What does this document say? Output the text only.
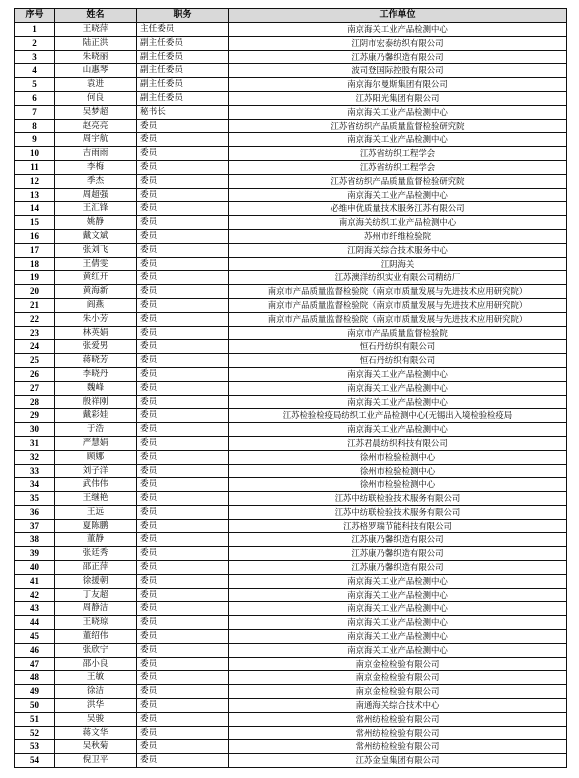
序号	姓名	职务	工作单位
1	王晓萍	主任委员	南京海关工业产品检测中心
2	陆正洪	副主任委员	江阴市宏泰纺织有限公司
3	朱晓丽	副主任委员	江苏康乃馨织造有限公司
4	山惠琴	副主任委员	波司登国际控股有限公司
5	袁进	副主任委员	南京海尔曼斯集团有限公司
6	何良	副主任委员	江苏阳光集团有限公司
7	吴梦超	秘书长	南京海关工业产品检测中心
8	赵亮亮	委员	江苏省纺织产品质量监督检验研究院
9	周宇航	委员	南京海关工业产品检测中心
10	吉雨雨	委员	江苏省纺织工程学会
11	李梅	委员	江苏省纺织工程学会
12	季杰	委员	江苏省纺织产品质量监督检验研究院
13	周超强	委员	南京海关工业产品检测中心
14	王汇锋	委员	必维申优质量技术服务江苏有限公司
15	姚静	委员	南京海关纺织工业产品检测中心
16	戴文斌	委员	苏州市纤维检验院
17	张刘飞	委员	江阴海关综合技术服务中心
18	王倩雯	委员	江阴海关
19	黄红开	委员	江苏澳洋纺织实业有限公司精纺厂
20	黄海新	委员	南京市产品质量监督检验院（南京市质量发展与先进技术应用研究院）
21	阎燕	委员	南京市产品质量监督检验院（南京市质量发展与先进技术应用研究院）
22	朱小芳	委员	南京市产品质量监督检验院（南京市质量发展与先进技术应用研究院）
23	林英娟	委员	南京市产品质量监督检验院
24	张爱男	委员	恒石丹纺织有限公司
25	蒋晓芳	委员	恒石丹纺织有限公司
26	李晓丹	委员	南京海关工业产品检测中心
27	魏峰	委员	南京海关工业产品检测中心
28	殷祥刚	委员	南京海关工业产品检测中心
29	戴彩娃	委员	江苏检验检疫局纺织工业产品检测中心(无锡出入境检验检疫局
30	于浩	委员	南京海关工业产品检测中心
31	严慧娟	委员	江苏君晨纺织科技有限公司
32	顾娜	委员	徐州市检验检测中心
33	刘子洋	委员	徐州市检验检测中心
34	武伟伟	委员	徐州市检验检测中心
35	王继艳	委员	江苏中纺联检验技术服务有限公司
36	王远	委员	江苏中纺联检验技术服务有限公司
37	夏陈鹏	委员	江苏格罗瑞节能科技有限公司
38	董静	委员	江苏康乃馨织造有限公司
39	张廷秀	委员	江苏康乃馨织造有限公司
40	邵正萍	委员	江苏康乃馨织造有限公司
41	徐援朝	委员	南京海关工业产品检测中心
42	丁友超	委员	南京海关工业产品检测中心
43	周静洁	委员	南京海关工业产品检测中心
44	王晓琼	委员	南京海关工业产品检测中心
45	董绍伟	委员	南京海关工业产品检测中心
46	张欣宁	委员	南京海关工业产品检测中心
47	邵小良	委员	南京金检检验有限公司
48	王敏	委员	南京金检检验有限公司
49	徐洁	委员	南京金检检验有限公司
50	洪华	委员	南通海关综合技术中心
51	吴骏	委员	常州纺检检验有限公司
52	蒋文华	委员	常州纺检检验有限公司
53	吴秋菊	委员	常州纺检检验有限公司
54	倪卫平	委员	江苏金皇集团有限公司
